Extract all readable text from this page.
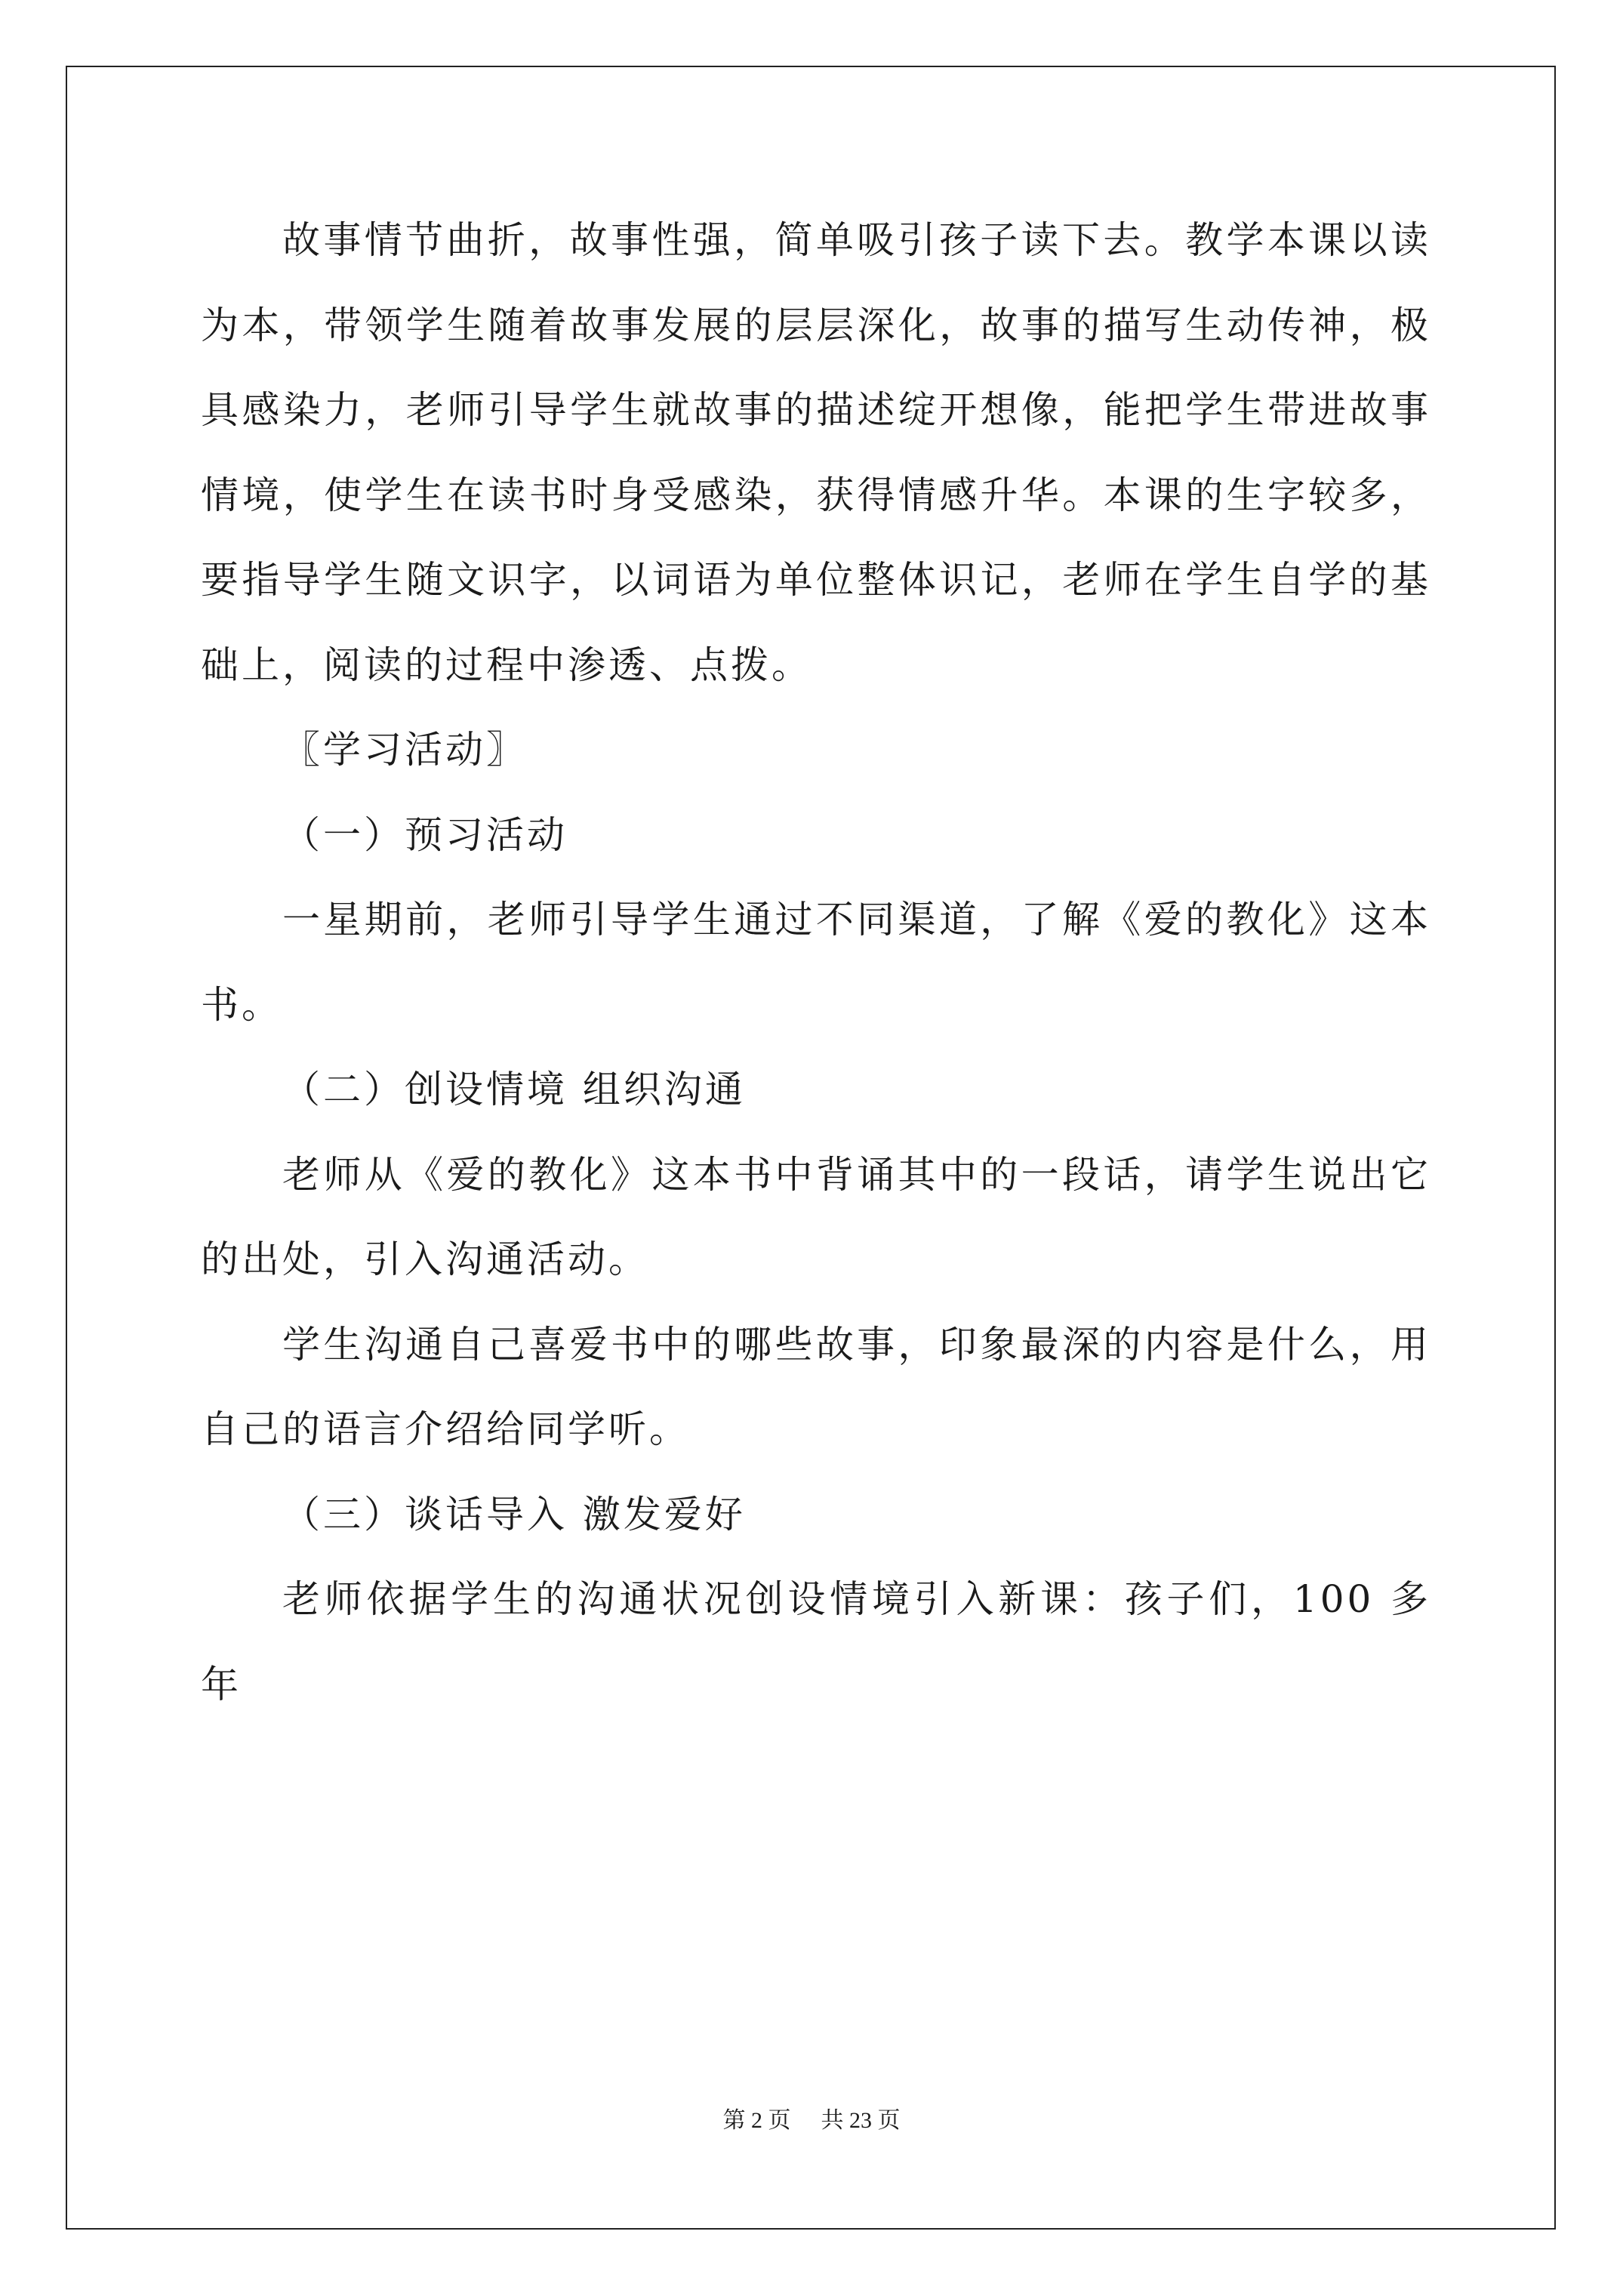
故事情节曲折，故事性强，简单吸引孩子读下去。教学本课以读为本，带领学生随着故事发展的层层深化，故事的描写生动传神，极具感染力，老师引导学生就故事的描述绽开想像，能把学生带进故事情境，使学生在读书时身受感染，获得情感升华。本课的生字较多，要指导学生随文识字，以词语为单位整体识记，老师在学生自学的基础上，阅读的过程中渗透、点拨。

〖学习活动〗

（一）预习活动

一星期前，老师引导学生通过不同渠道，了解《爱的教化》这本书。

（二）创设情境 组织沟通

老师从《爱的教化》这本书中背诵其中的一段话，请学生说出它的出处，引入沟通活动。

学生沟通自己喜爱书中的哪些故事，印象最深的内容是什么，用自己的语言介绍给同学听。

（三）谈话导入 激发爱好

老师依据学生的沟通状况创设情境引入新课：孩子们，100 多年

第 2 页 共 23 页
